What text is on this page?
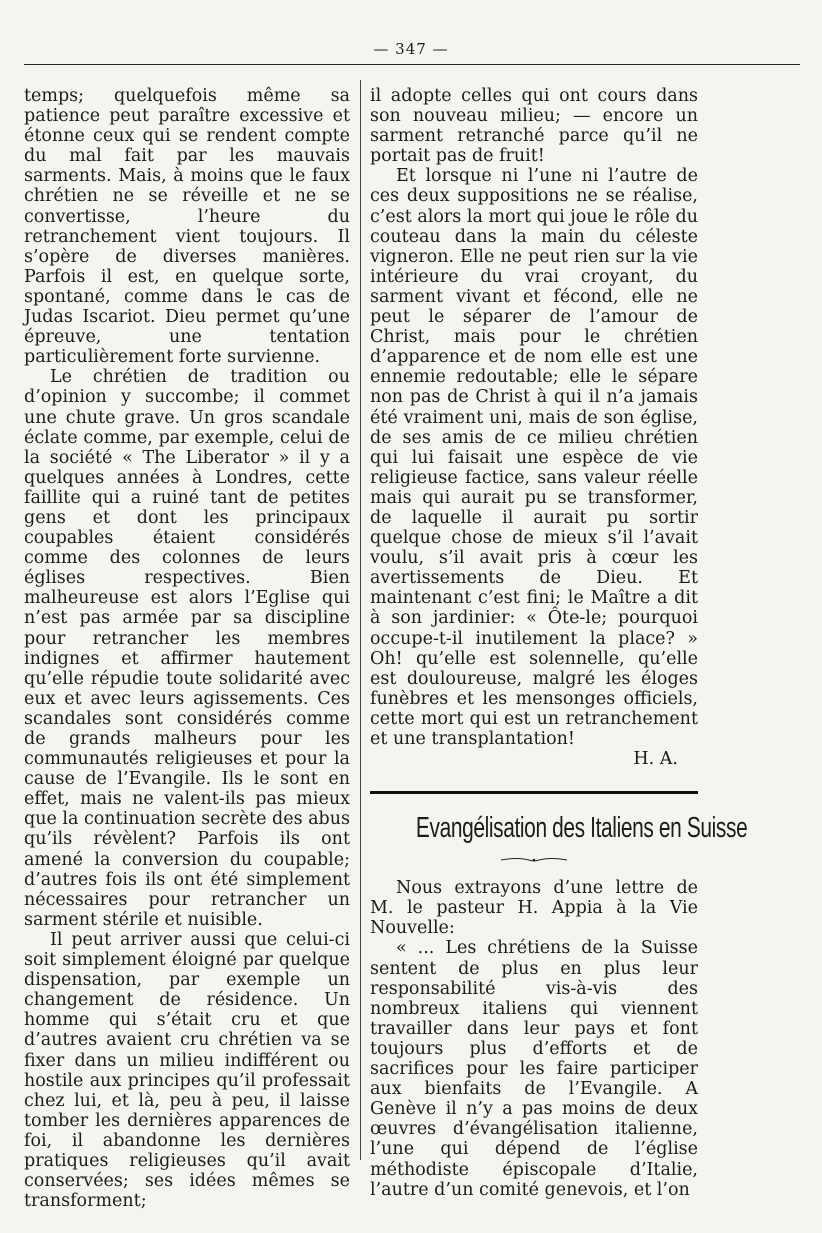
— 347 —

temps; quelquefois même sa patience peut paraître excessive et étonne ceux qui se rendent compte du mal fait par les mauvais sarments. Mais, à moins que le faux chrétien ne se réveille et ne se convertisse, l’heure du retranchement vient toujours. Il s’opère de diverses manières. Parfois il est, en quelque sorte, spontané, comme dans le cas de Judas Iscariot. Dieu permet qu’une épreuve, une tentation particulièrement forte survienne.

Le chrétien de tradition ou d’opinion y succombe; il commet une chute grave. Un gros scandale éclate comme, par exemple, celui de la société « The Liberator » il y a quelques années à Londres, cette faillite qui a ruiné tant de petites gens et dont les principaux coupables étaient considérés comme des colonnes de leurs églises respectives. Bien malheureuse est alors l’Eglise qui n’est pas armée par sa discipline pour retrancher les membres indignes et affirmer hautement qu’elle répudie toute solidarité avec eux et avec leurs agissements. Ces scandales sont considérés comme de grands malheurs pour les communautés religieuses et pour la cause de l’Evangile. Ils le sont en effet, mais ne valent-ils pas mieux que la continuation secrète des abus qu’ils révèlent? Parfois ils ont amené la conversion du coupable; d’autres fois ils ont été simplement nécessaires pour retrancher un sarment stérile et nuisible.

Il peut arriver aussi que celui-ci soit simplement éloigné par quelque dispensation, par exemple un changement de résidence. Un homme qui s’était cru et que d’autres avaient cru chrétien va se fixer dans un milieu indifférent ou hostile aux principes qu’il professait chez lui, et là, peu à peu, il laisse tomber les dernières apparences de foi, il abandonne les dernières pratiques religieuses qu’il avait conservées; ses idées mêmes se transforment;

il adopte celles qui ont cours dans son nouveau milieu; — encore un sarment retranché parce qu’il ne portait pas de fruit!

Et lorsque ni l’une ni l’autre de ces deux suppositions ne se réalise, c’est alors la mort qui joue le rôle du couteau dans la main du céleste vigneron. Elle ne peut rien sur la vie intérieure du vrai croyant, du sarment vivant et fécond, elle ne peut le séparer de l’amour de Christ, mais pour le chrétien d’apparence et de nom elle est une ennemie redoutable; elle le sépare non pas de Christ à qui il n’a jamais été vraiment uni, mais de son église, de ses amis de ce milieu chrétien qui lui faisait une espèce de vie religieuse factice, sans valeur réelle mais qui aurait pu se transformer, de laquelle il aurait pu sortir quelque chose de mieux s’il l’avait voulu, s’il avait pris à cœur les avertissements de Dieu. Et maintenant c’est fini; le Maître a dit à son jardinier: « Ôte-le; pourquoi occupe-t-il inutilement la place? » Oh! qu’elle est solennelle, qu’elle est douloureuse, malgré les éloges funèbres et les mensonges officiels, cette mort qui est un retranchement et une transplantation!

H. A.

Evangélisation des Italiens en Suisse

Nous extrayons d’une lettre de M. le pasteur H. Appia à la Vie Nouvelle:

« ... Les chrétiens de la Suisse sentent de plus en plus leur responsabilité vis-à-vis des nombreux italiens qui viennent travailler dans leur pays et font toujours plus d’efforts et de sacrifices pour les faire participer aux bienfaits de l’Evangile. A Genève il n’y a pas moins de deux œuvres d’évangélisation italienne, l’une qui dépend de l’église méthodiste épiscopale d’Italie, l’autre d’un comité genevois, et l’on
